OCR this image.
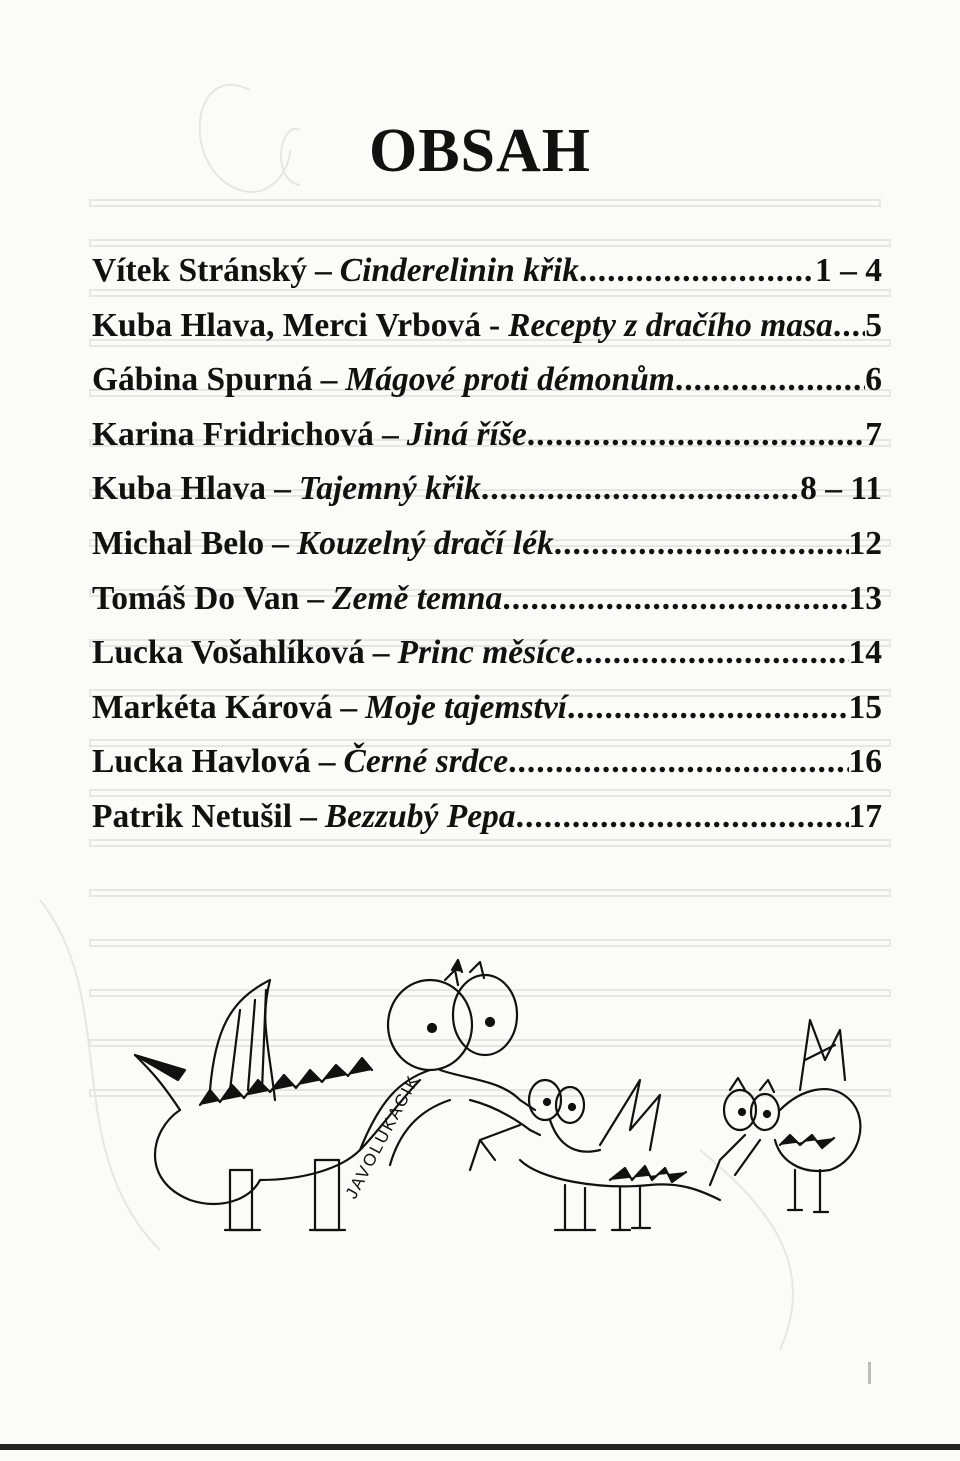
OBSAH
Vítek Stránský – Cinderelinin křik .....	1 – 4
Kuba Hlava, Merci Vrbová - Recepty z dračího masa ..... 5
Gábina Spurná – Mágové proti démonům .....	6
Karina Fridrichová – Jiná říše .....	7
Kuba Hlava – Tajemný křik .....	8 – 11
Michal Belo – Kouzelný dračí lék .....	12
Tomáš Do Van – Země temna .....	13
Lucka Vošahlíková – Princ měsíce .....	14
Markéta Kárová – Moje tajemství .....	15
Lucka Havlová – Černé srdce .....	16
Patrik Netušil – Bezzubý Pepa .....	17
JAVOLUKACIK
